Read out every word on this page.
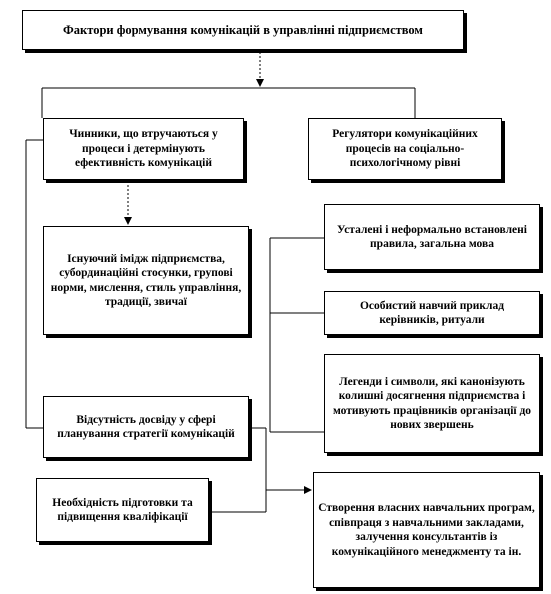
Фактори формування комунікацій в управлінні підприємством
Чинники, що втручаються у процеси і детермінують ефективність комунікацій
Регулятори комунікаційних процесів на соціально-психологічному рівні
Існуючий імідж підприємства, субординаційні стосунки, групові норми, мислення, стиль управління, традиції, звичаї
Усталені і неформально встановлені правила, загальна мова
Особистий навчий приклад керівників, ритуали
Легенди і символи, які канонізують колишні досягнення підприємства і мотивують працівників організації до нових звершень
Відсутність досвіду у сфері планування стратегії комунікацій
Необхідність підготовки та підвищення кваліфікації
Створення власних навчальних програм, співпраця з навчальними закладами, залучення консультантів із комунікаційного менеджменту та ін.
